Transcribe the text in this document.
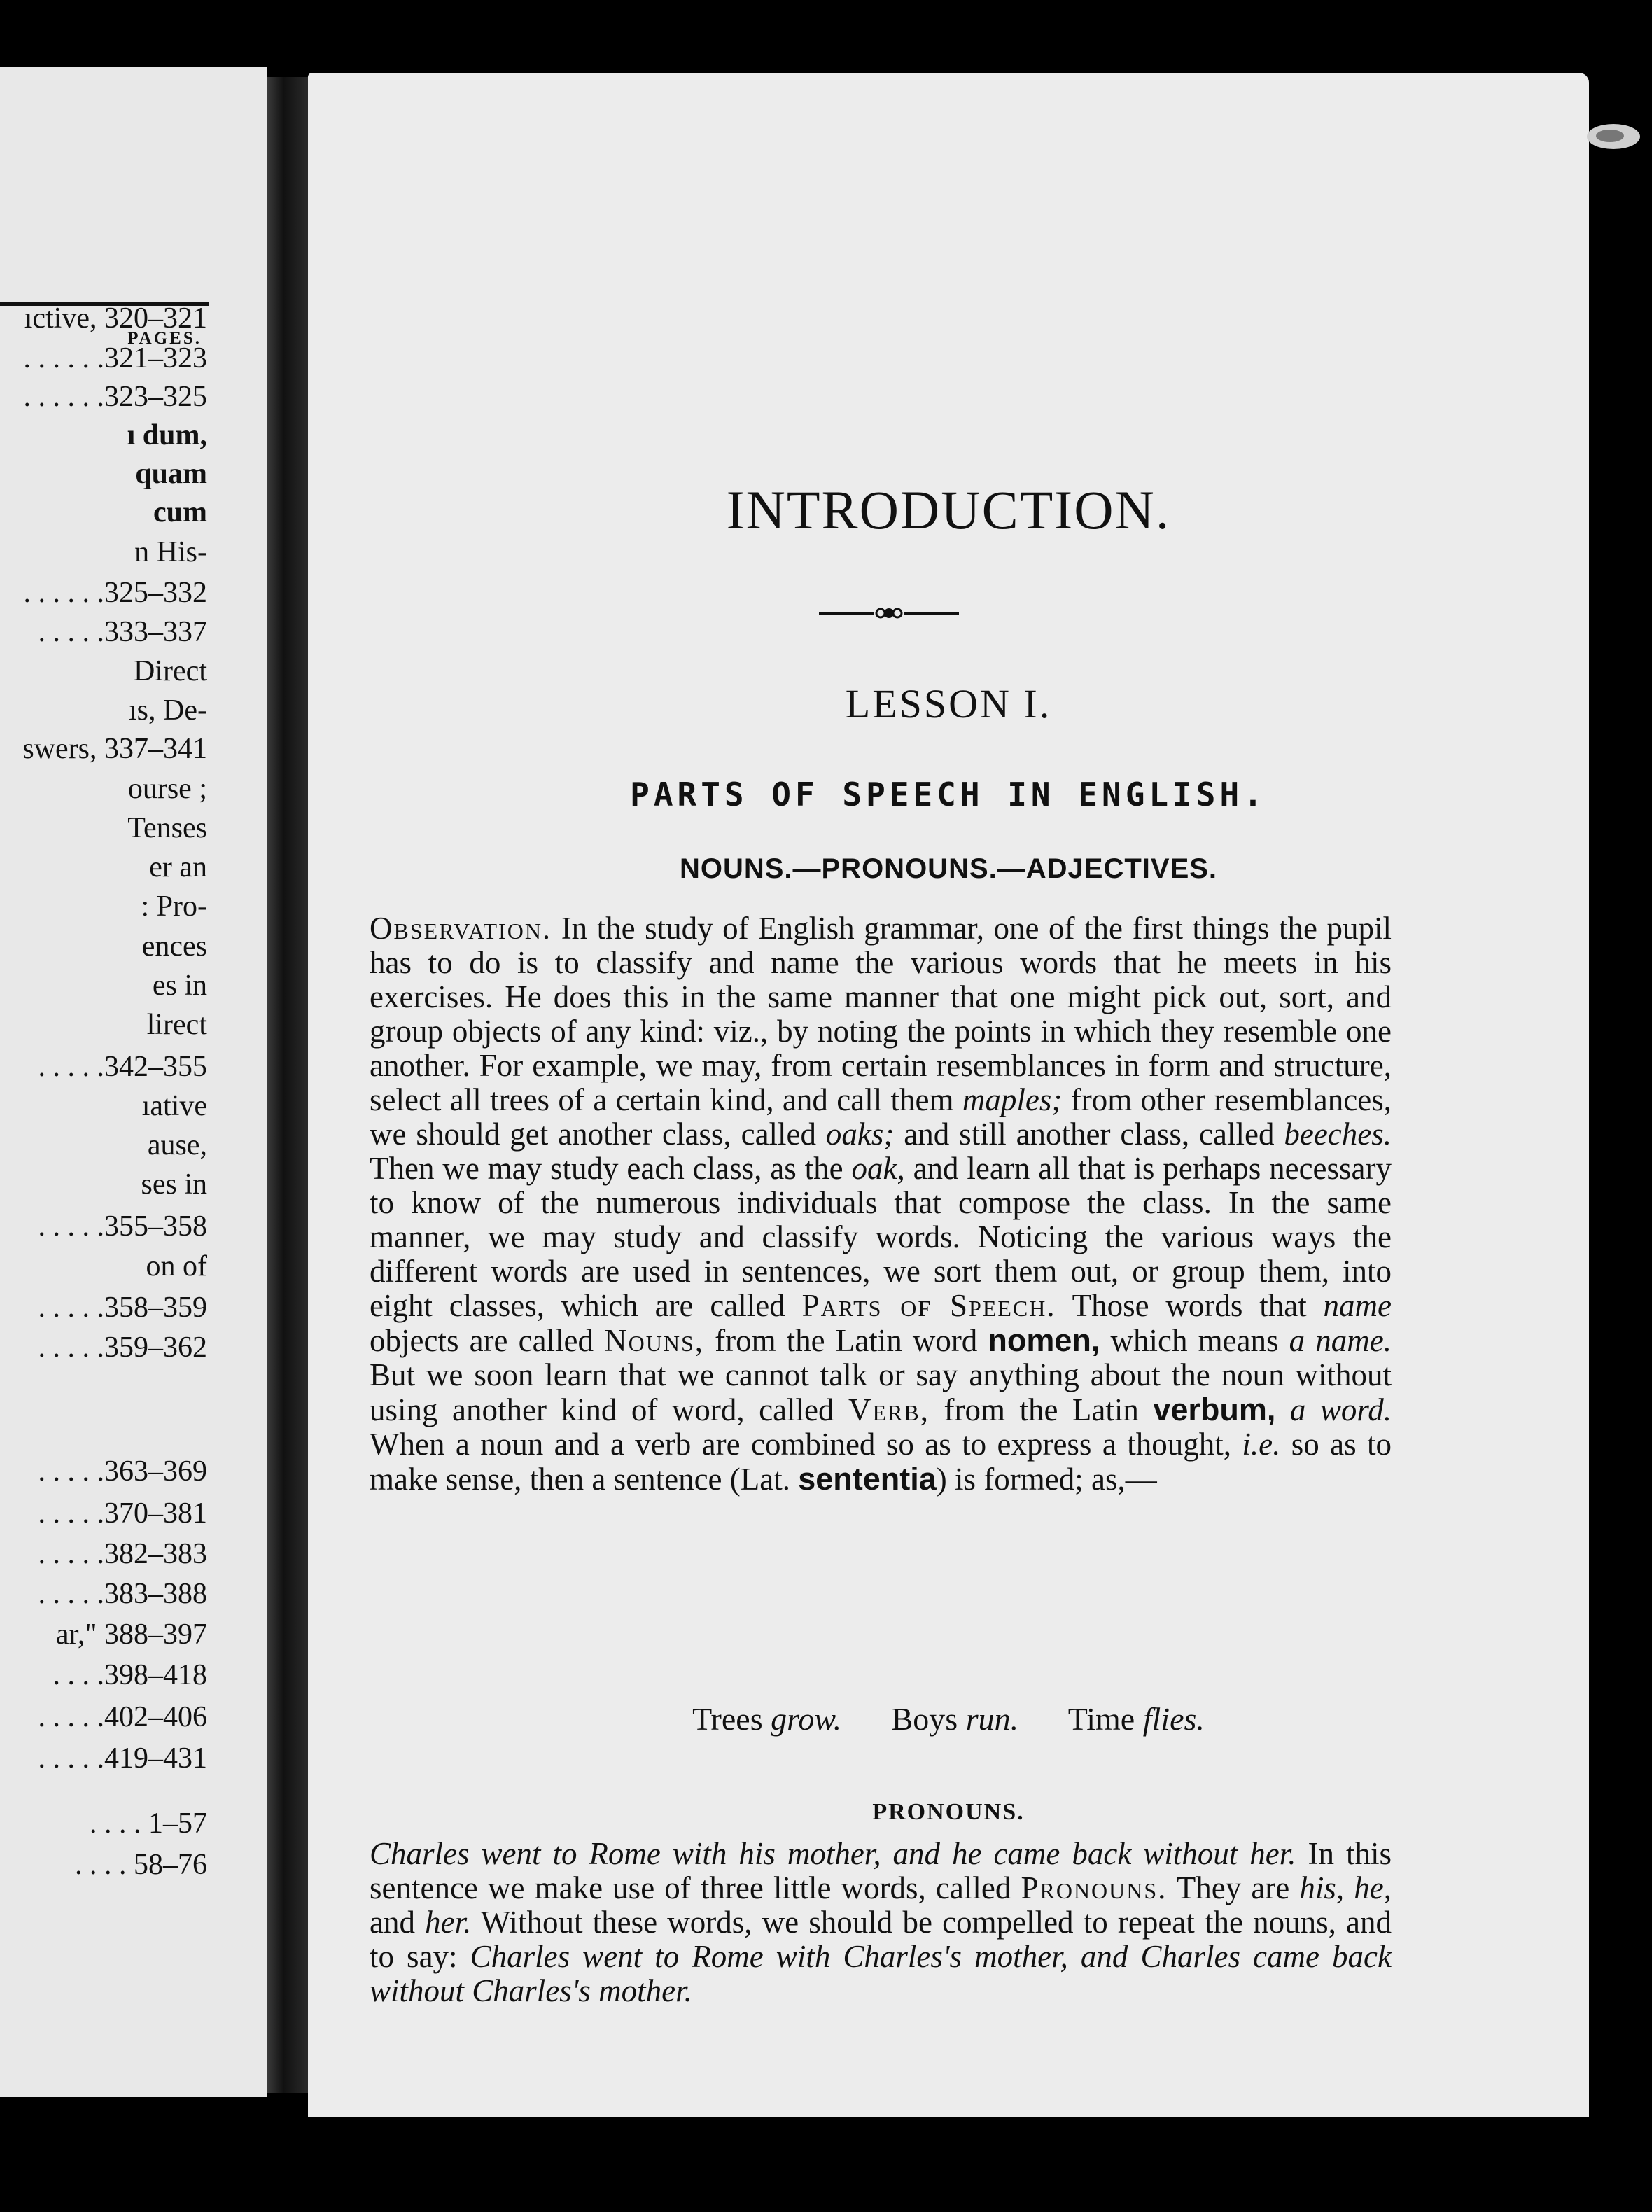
PAGES.
ıctive, 320–321
. . . . . .321–323
. . . . . .323–325
ı dum,
quam
cum
n His-
. . . . . .325–332
. . . . .333–337
Direct
ıs, De-
swers, 337–341
ourse ;
Tenses
er an
: Pro-
ences
es in
lirect
. . . . .342–355
ıative
ause,
ses in
. . . . .355–358
on of
. . . . .358–359
. . . . .359–362
. . . . .363–369
. . . . .370–381
. . . . .382–383
. . . . .383–388
ar," 388–397
. . . .398–418
. . . . .402–406
. . . . .419–431
. . . . 1–57
. . . . 58–76
INTRODUCTION.
LESSON I.
PARTS OF SPEECH IN ENGLISH.
NOUNS.—PRONOUNS.—ADJECTIVES.
Observation. In the study of English grammar, one of the first things the pupil has to do is to classify and name the various words that he meets in his exercises. He does this in the same manner that one might pick out, sort, and group objects of any kind: viz., by noting the points in which they resemble one another. For example, we may, from certain resemblances in form and structure, select all trees of a certain kind, and call them maples; from other resemblances, we should get another class, called oaks; and still another class, called beeches. Then we may study each class, as the oak, and learn all that is perhaps necessary to know of the numerous individuals that compose the class. In the same manner, we may study and classify words. Noticing the various ways the different words are used in sentences, we sort them out, or group them, into eight classes, which are called Parts of Speech. Those words that name objects are called Nouns, from the Latin word nomen, which means a name. But we soon learn that we cannot talk or say anything about the noun without using another kind of word, called Verb, from the Latin verbum, a word. When a noun and a verb are combined so as to express a thought, i.e. so as to make sense, then a sentence (Lat. sententia) is formed; as,—
Trees grow. Boys run. Time flies.
PRONOUNS.
Charles went to Rome with his mother, and he came back without her. In this sentence we make use of three little words, called Pronouns. They are his, he, and her. Without these words, we should be compelled to repeat the nouns, and to say: Charles went to Rome with Charles's mother, and Charles came back without Charles's mother.
